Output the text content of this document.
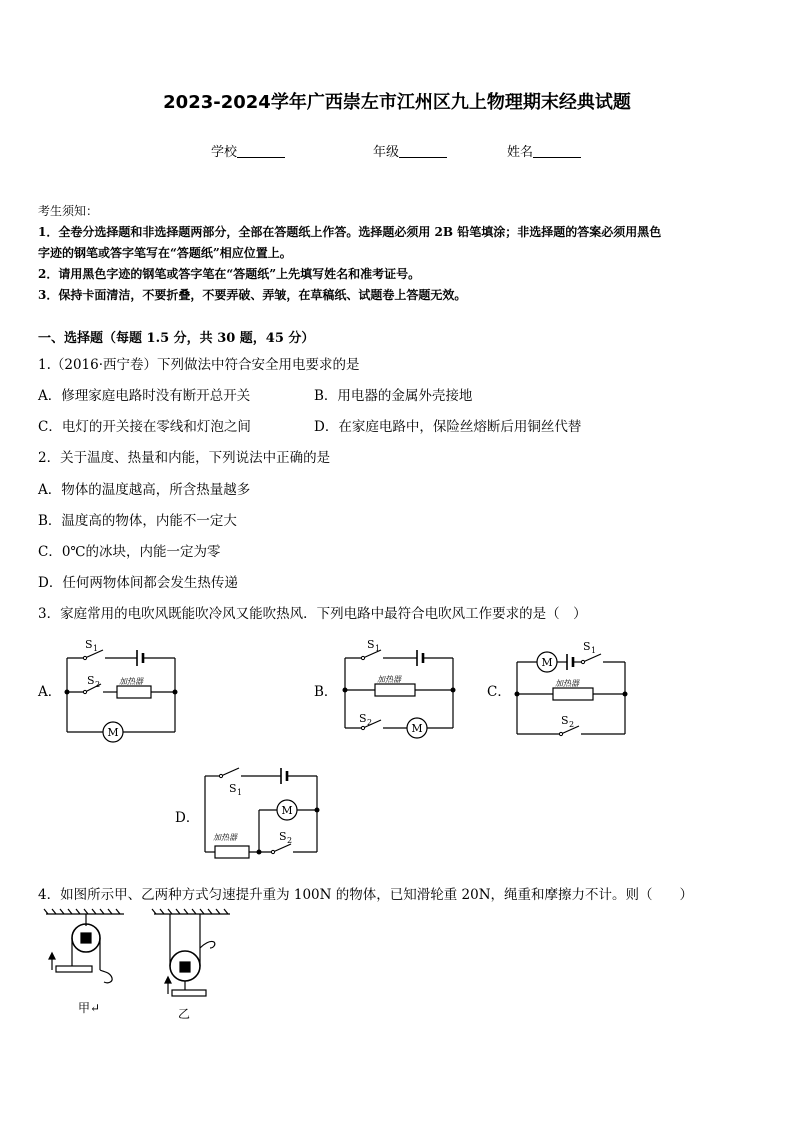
2023-2024学年广西崇左市江州区九上物理期末经典试题
学校	年级	姓名
考生须知：
1．全卷分选择题和非选择题两部分，全部在答题纸上作答。选择题必须用 2B 铅笔填涂；非选择题的答案必须用黑色
字迹的钢笔或答字笔写在“答题纸”相应位置上。
2．请用黑色字迹的钢笔或答字笔在“答题纸”上先填写姓名和准考证号。
3．保持卡面清洁，不要折叠，不要弄破、弄皱，在草稿纸、试题卷上答题无效。
一、选择题（每题 1.5 分，共 30 题，45 分）
1.（2016·西宁卷）下列做法中符合安全用电要求的是
A．修理家庭电路时没有断开总开关	B．用电器的金属外壳接地
C．电灯的开关接在零线和灯泡之间	D．在家庭电路中，保险丝熔断后用铜丝代替
2．关于温度、热量和内能，下列说法中正确的是
A．物体的温度越高，所含热量越多
B．温度高的物体，内能不一定大
C．0℃的冰块，内能一定为零
D．任何两物体间都会发生热传递
3．家庭常用的电吹风既能吹冷风又能吹热风．下列电路中最符合电吹风工作要求的是（　）
A．
S 1
S 2 加热器
M
B．
S 1
S 2
加热器
M
C．
S 1
S 2
加热器
M
D．
S 1
S 2
加热器
M
4．如图所示甲、乙两种方式匀速提升重为 100N 的物体，已知滑轮重 20N，绳重和摩擦力不计。则（　　）
甲↵	乙
